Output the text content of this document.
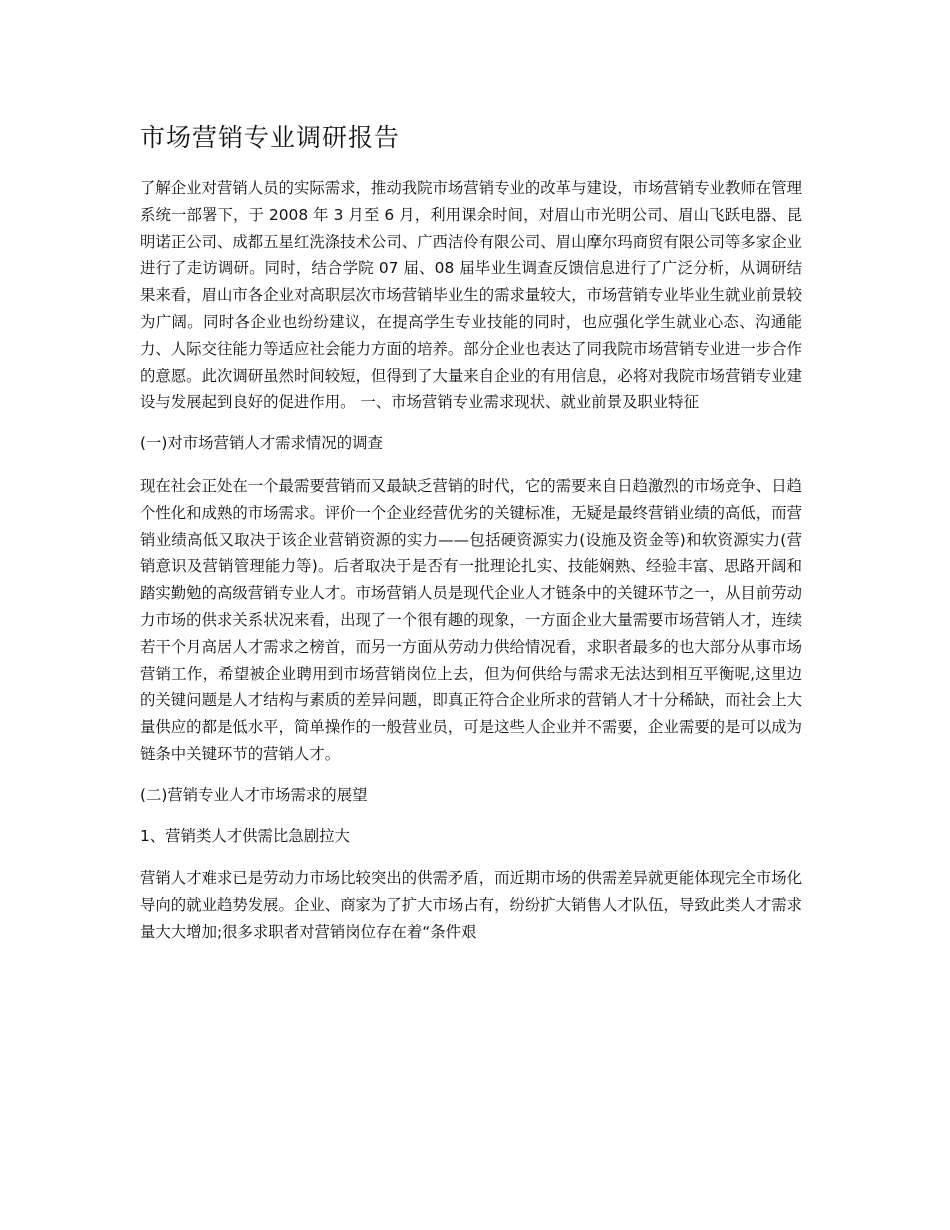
市场营销专业调研报告

了解企业对营销人员的实际需求，推动我院市场营销专业的改革与建设，市场营销专业教师在管理系统一部署下，于 2008 年 3 月至 6 月，利用课余时间，对眉山市光明公司、眉山飞跃电器、昆明诺正公司、成都五星红洗涤技术公司、广西洁伶有限公司、眉山摩尔玛商贸有限公司等多家企业进行了走访调研。同时，结合学院 07 届、08 届毕业生调查反馈信息进行了广泛分析，从调研结果来看，眉山市各企业对高职层次市场营销毕业生的需求量较大，市场营销专业毕业生就业前景较为广阔。同时各企业也纷纷建议，在提高学生专业技能的同时，也应强化学生就业心态、沟通能力、人际交往能力等适应社会能力方面的培养。部分企业也表达了同我院市场营销专业进一步合作的意愿。此次调研虽然时间较短，但得到了大量来自企业的有用信息，必将对我院市场营销专业建设与发展起到良好的促进作用。 一、市场营销专业需求现状、就业前景及职业特征

(一)对市场营销人才需求情况的调查

现在社会正处在一个最需要营销而又最缺乏营销的时代，它的需要来自日趋激烈的市场竞争、日趋个性化和成熟的市场需求。评价一个企业经营优劣的关键标准，无疑是最终营销业绩的高低，而营销业绩高低又取决于该企业营销资源的实力——包括硬资源实力(设施及资金等)和软资源实力(营销意识及营销管理能力等)。后者取决于是否有一批理论扎实、技能娴熟、经验丰富、思路开阔和踏实勤勉的高级营销专业人才。市场营销人员是现代企业人才链条中的关键环节之一，从目前劳动力市场的供求关系状况来看，出现了一个很有趣的现象，一方面企业大量需要市场营销人才，连续若干个月高居人才需求之榜首，而另一方面从劳动力供给情况看，求职者最多的也大部分从事市场营销工作，希望被企业聘用到市场营销岗位上去，但为何供给与需求无法达到相互平衡呢,这里边的关键问题是人才结构与素质的差异问题，即真正符合企业所求的营销人才十分稀缺，而社会上大量供应的都是低水平，简单操作的一般营业员，可是这些人企业并不需要，企业需要的是可以成为链条中关键环节的营销人才。

(二)营销专业人才市场需求的展望

1、营销类人才供需比急剧拉大

营销人才难求已是劳动力市场比较突出的供需矛盾，而近期市场的供需差异就更能体现完全市场化导向的就业趋势发展。企业、商家为了扩大市场占有，纷纷扩大销售人才队伍，导致此类人才需求量大大增加;很多求职者对营销岗位存在着“条件艰
